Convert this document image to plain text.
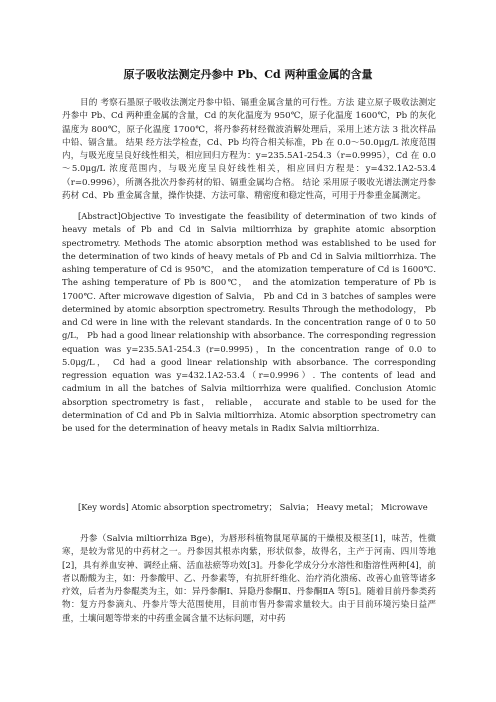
原子吸收法测定丹参中 Pb、Cd 两种重金属的含量

目的 考察石墨原子吸收法测定丹参中铅、镉重金属含量的可行性。方法 建立原子吸收法测定丹参中 Pb、Cd 两种重金属的含量，Cd 的灰化温度为 950℃，原子化温度 1600℃，Pb 的灰化温度为 800℃，原子化温度 1700℃，将丹参药材经微波消解处理后，采用上述方法 3 批次样品中铅、镉含量。 结果 经方法学检查，Cd、Pb 均符合相关标准，Pb 在 0.0～50.0μg/L 浓度范围内，与吸光度呈良好线性相关，相应回归方程为：y=235.5A1-254.3（r=0.9995），Cd 在 0.0～5.0μg/L 浓度范围内，与吸光度呈良好线性相关，相应回归方程是：y=432.1A2-53.4（r=0.9996），所测各批次丹参药材的铅、镉重金属均合格。 结论 采用原子吸收光谱法测定丹参药材 Cd、Pb 重金属含量，操作快捷、方法可靠、精密度和稳定性高，可用于丹参重金属测定。

[Abstract]Objective To investigate the feasibility of determination of two kinds of heavy metals of Pb and Cd in Salvia miltiorrhiza by graphite atomic absorption spectrometry. Methods The atomic absorption method was established to be used for the determination of two kinds of heavy metals of Pb and Cd in Salvia miltiorrhiza. The ashing temperature of Cd is 950℃， and the atomization temperature of Cd is 1600℃. The ashing temperature of Pb is 800℃， and the atomization temperature of Pb is 1700℃. After microwave digestion of Salvia， Pb and Cd in 3 batches of samples were determined by atomic absorption spectrometry. Results Through the methodology， Pb and Cd were in line with the relevant standards. In the concentration range of 0 to 50 g/L， Pb had a good linear relationship with absorbance. The corresponding regression equation was y=235.5A1-254.3 (r=0.9995)，In the concentration range of 0.0 to 5.0μg/L， Cd had a good linear relationship with absorbance. The corresponding regression equation was y=432.1A2-53.4（r=0.9996）. The contents of lead and cadmium in all the batches of Salvia miltiorrhiza were qualified. Conclusion Atomic absorption spectrometry is fast， reliable， accurate and stable to be used for the determination of Cd and Pb in Salvia miltiorrhiza. Atomic absorption spectrometry can be used for the determination of heavy metals in Radix Salvia miltiorrhiza.

[Key words] Atomic absorption spectrometry； Salvia； Heavy metal； Microwave

丹参（Salvia miltiorrhiza Bge)，为唇形科植物鼠尾草属的干燥根及根茎[1]，味苦，性微寒，是较为常见的中药材之一。丹参因其根赤肉紫，形状似参，故得名，主产于河南、四川等地[2]，具有养血安神、调经止痛、活血祛瘀等功效[3]。丹参化学成分分水溶性和脂溶性两种[4]，前者以酚酸为主，如：丹参酸甲、乙、丹参素等，有抗肝纤维化、治疗消化溃疡、改善心血管等诸多疗效，后者为丹参醌类为主，如：异丹参酮Ⅰ、异隐丹参酮Ⅱ、丹参酮ⅡA 等[5]。随着目前丹参类药物：复方丹参滴丸、丹参片等大范围使用，目前市售丹参需求量较大。由于目前环境污染日益严重，土壤问题等带来的中药重金属含量不达标问题，对中药
